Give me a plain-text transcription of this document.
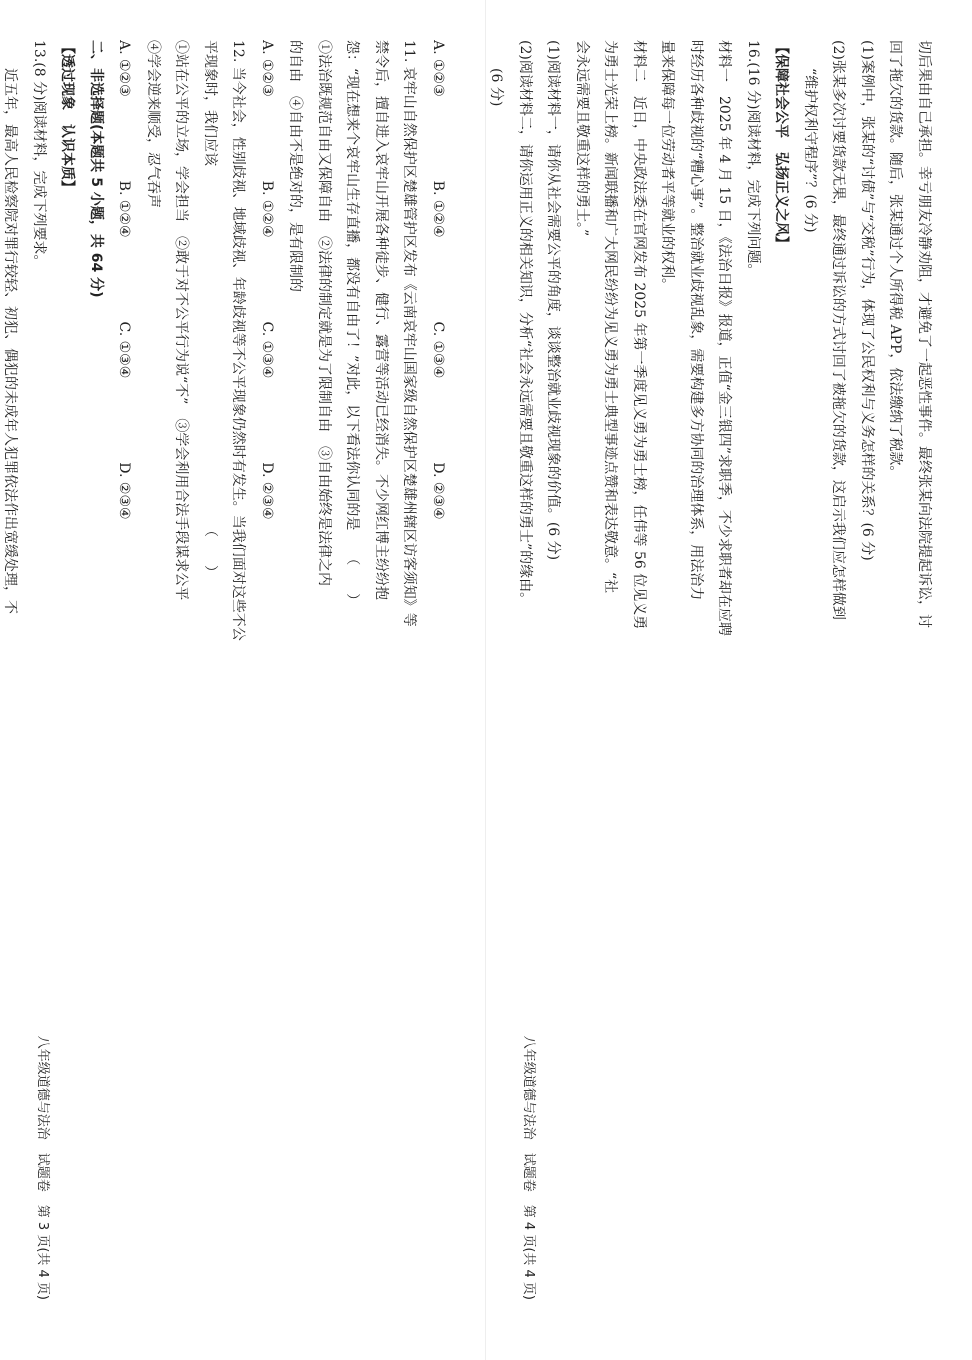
A. ①②③　　　　　　B. ①②④　　　　　　C. ①③④　　　　　　D. ②③④
11. 哀牢山自然保护区楚雄管护区发布《云南哀牢山国家级自然保护区楚雄州辖区访客须知》等
禁令后，擅自进入哀牢山开展各种徒步、健行、露营等活动已经消失。不少网红博主纷纷抱
怨：“现在想来个哀牢山生存直播，都没有自由了！”对此，以下看法你认同的是　　（　　）
①法治既规范自由又保障自由　②法律的制定就是为了限制自由　③自由始终是法律之内
的自由　④自由不是绝对的，是有限制的
A. ①②③　　　　　　B. ①②④　　　　　　C. ①③④　　　　　　D. ②③④
12. 当今社会，性别歧视、地域歧视、年龄歧视等不公平现象仍然时有发生。当我们面对这些不公
平现象时，我们应该　　　　　　　　　　　　　　　　　　　　　　　　　　（　　）
①站在公平的立场，学会担当　②敢于对不公平行为说“不”　③学会利用合法手段谋求公平
④学会逆来顺受，忍气吞声
A. ①②③　　　　　　B. ①②④　　　　　　C. ①③④　　　　　　D. ②③④
二、非选择题(本题共 5 小题，共 64 分)
【透过现象　认识本质】
13.(8 分)阅读材料，完成下列要求。
近五年，最高人民检察院对罪行较轻、初犯、偶犯的未成年人犯罪依法作出宽缓处理，不
八年级道德与法治　试题卷　第 3 页(共 4 页)
切后果由自己承担。幸亏朋友冷静劝阻，才避免了一起恶性事件。最终张某向法院提起诉讼，讨
回了拖欠的货款。随后，张某通过个人所得税 APP，依法缴纳了税款。
(1)案例中，张某的“讨债”与“交税”行为，体现了公民权利与义务怎样的关系？(6 分)
(2)张某多次讨要货款无果，最终通过诉讼的方式讨回了被拖欠的货款，这启示我们应怎样做到
“维护权利守程序”？(6 分)
【保障社会公平　弘扬正义之风】
16.(16 分)阅读材料，完成下列问题。
材料一　2025 年 4 月 15 日，《法治日报》报道，正值“金三银四”求职季，不少求职者却在应聘
时经历各种歧视的“糟心事”。整治就业歧视乱象，需要构建多方协同的治理体系，用法治力
量来保障每一位劳动者平等就业的权利。
材料二　近日，中央政法委在官网发布 2025 年第一季度见义勇为勇士榜，任伟等 56 位见义勇
为勇士光荣上榜。新闻联播和广大网民纷纷为见义勇为勇士典型事迹点赞和表达敬意。“社
会永远需要且敬重这样的勇士。”
(1)阅读材料一，请你从社会需要公平的角度，谈谈整治就业歧视现象的价值。(6 分)
(2)阅读材料二，请你运用正义的相关知识，分析“社会永远需要且敬重这样的勇士”的缘由。
(6 分)
八年级道德与法治　试题卷　第 4 页(共 4 页)
